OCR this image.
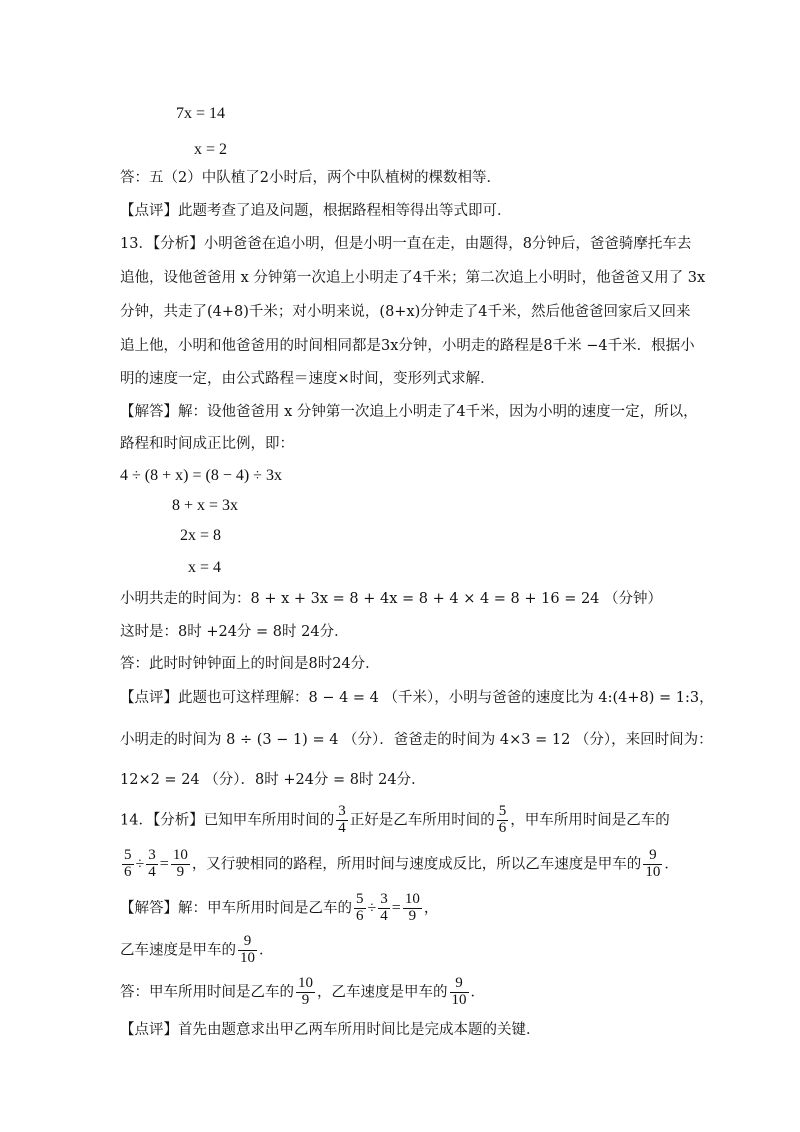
7x = 14
x = 2
答：五（2）中队植了2小时后，两个中队植树的棵数相等．
【点评】此题考查了追及问题，根据路程相等得出等式即可．
13．【分析】小明爸爸在追小明，但是小明一直在走，由题得，8分钟后，爸爸骑摩托车去
追他，设他爸爸用 x 分钟第一次追上小明走了4千米；第二次追上小明时，他爸爸又用了 3x
分钟，共走了(4+8)千米；对小明来说，(8+x)分钟走了4千米，然后他爸爸回家后又回来
追上他，小明和他爸爸用的时间相同都是3x分钟，小明走的路程是8千米 −4千米．根据小
明的速度一定，由公式路程＝速度×时间，变形列式求解．
【解答】解：设他爸爸用 x 分钟第一次追上小明走了4千米，因为小明的速度一定，所以，
路程和时间成正比例，即：
4 ÷ (8 + x) = (8 − 4) ÷ 3x
8 + x = 3x
2x = 8
x = 4
小明共走的时间为：8 + x + 3x = 8 + 4x = 8 + 4 × 4 = 8 + 16 = 24 （分钟）
这时是：8时 +24分 = 8时 24分．
答：此时时钟钟面上的时间是8时24分．
【点评】此题也可这样理解：8 − 4 = 4 （千米），小明与爸爸的速度比为 4:(4+8) = 1:3，
小明走的时间为 8 ÷ (3 − 1) = 4 （分）．爸爸走的时间为 4×3 = 12 （分），来回时间为：
12×2 = 24 （分）．8时 +24分 = 8时 24分．
14．【分析】已知甲车所用时间的 $\frac{3}{4}$ 正好是乙车所用时间的 $\frac{5}{6}$ ，甲车所用时间是乙车的
$\frac{5}{6} \div \frac{3}{4} = \frac{10}{9}$ ，又行驶相同的路程，所用时间与速度成反比，所以乙车速度是甲车的 $\frac{9}{10}$ ．
【解答】解：甲车所用时间是乙车的 $\frac{5}{6} \div \frac{3}{4} = \frac{10}{9}$ ，
乙车速度是甲车的 $\frac{9}{10}$ ．
答：甲车所用时间是乙车的 $\frac{10}{9}$ ，乙车速度是甲车的 $\frac{9}{10}$ ．
【点评】首先由题意求出甲乙两车所用时间比是完成本题的关键．
